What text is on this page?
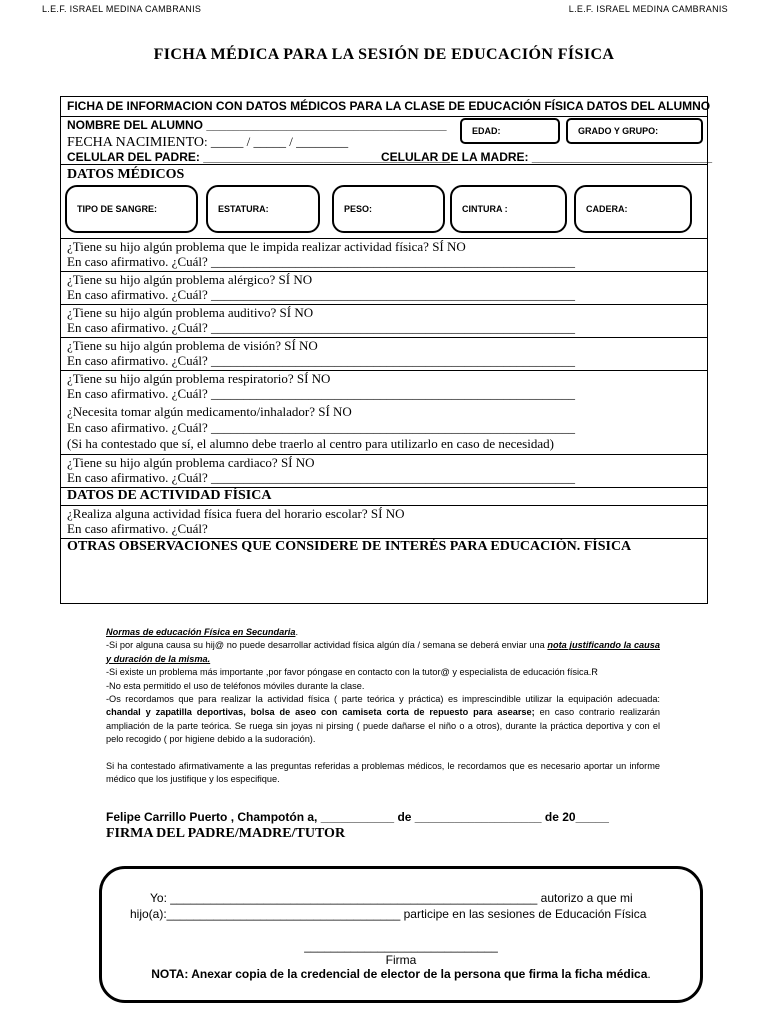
L.E.F. ISRAEL MEDINA CAMBRANIS	L.E.F. ISRAEL MEDINA CAMBRANIS
FICHA MÉDICA PARA LA SESIÓN DE EDUCACIÓN FÍSICA
FICHA DE INFORMACION CON DATOS MÉDICOS PARA LA CLASE DE EDUCACIÓN FÍSICA DATOS DEL ALUMNO
NOMBRE DEL ALUMNO ____________________________________
FECHA NACIMIENTO: _____ / _____ / ________
CELULAR DEL PADRE: _____________________________________
CELULAR DE LA MADRE: ___________________________
EDAD:	GRADO Y GRUPO:
DATOS MÉDICOS
TIPO DE SANGRE:	ESTATURA:	PESO:	CINTURA :	CADERA:
¿Tiene su hijo algún problema que le impida realizar actividad física? SÍ NO
En caso afirmativo. ¿Cuál? ________________________________________________________
¿Tiene su hijo algún problema alérgico? SÍ NO
En caso afirmativo. ¿Cuál? ________________________________________________________
¿Tiene su hijo algún problema auditivo? SÍ NO
En caso afirmativo. ¿Cuál? ________________________________________________________
¿Tiene su hijo algún problema de visión? SÍ NO
En caso afirmativo. ¿Cuál? ________________________________________________________
¿Tiene su hijo algún problema respiratorio? SÍ NO
En caso afirmativo. ¿Cuál? ________________________________________________________
¿Necesita tomar algún medicamento/inhalador? SÍ NO
En caso afirmativo. ¿Cuál? ________________________________________________________
(Si ha contestado que sí, el alumno debe traerlo al centro para utilizarlo en caso de necesidad)
¿Tiene su hijo algún problema cardiaco? SÍ NO
En caso afirmativo. ¿Cuál? ________________________________________________________
DATOS DE ACTIVIDAD FÍSICA
¿Realiza alguna actividad física fuera del horario escolar? SÍ NO
En caso afirmativo. ¿Cuál?
OTRAS OBSERVACIONES QUE CONSIDERE DE INTERÉS PARA EDUCACIÓN. FÍSICA

Normas de educación Física en Secundaria.

-Si por alguna causa su hij@ no puede desarrollar actividad física algún día / semana se deberá enviar una nota justificando la causa y duración de la misma.

-Si existe un problema más importante ,por favor póngase en contacto con la tutor@ y especialista de educación física.R

-No esta permitido el uso de teléfonos móviles durante la clase.

-Os recordamos que para realizar la actividad física ( parte teórica y práctica) es imprescindible utilizar la equipación adecuada: chandal y zapatilla deportivas, bolsa de aseo con camiseta corta de repuesto para asearse; en caso contrario realizarán ampliación de la parte teórica. Se ruega sin joyas ni pirsing ( puede dañarse el niño o a otros), durante la práctica deportiva y con el pelo recogido ( por higiene debido a la sudoración).

Si ha contestado afirmativamente a las preguntas referidas a problemas médicos, le recordamos que es necesario aportar un informe médico que los justifique y los especifique.

Felipe Carrillo Puerto , Champotón a, ___________ de ___________________ de 20_____
FIRMA DEL PADRE/MADRE/TUTOR
Yo: _______________________________________________________ autorizo a que mi
hijo(a):___________________________________ participe en las sesiones de Educación Física
_____________________________
Firma
NOTA: Anexar copia de la credencial de elector de la persona que firma la ficha médica.
